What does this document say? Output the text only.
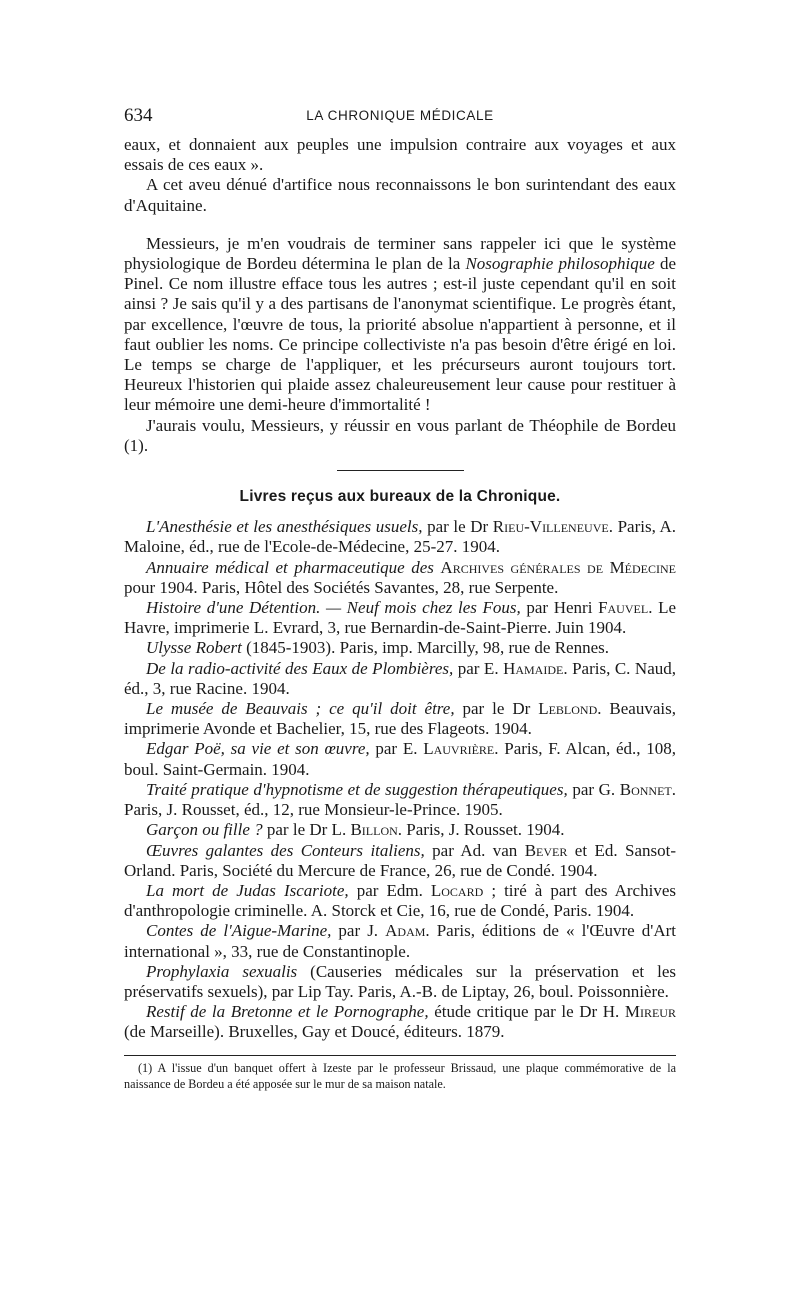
634	LA CHRONIQUE MÉDICALE

eaux, et donnaient aux peuples une impulsion contraire aux voyages et aux essais de ces eaux ».

A cet aveu dénué d'artifice nous reconnaissons le bon surintendant des eaux d'Aquitaine.

Messieurs, je m'en voudrais de terminer sans rappeler ici que le système physiologique de Bordeu détermina le plan de la Nosographie philosophique de Pinel. Ce nom illustre efface tous les autres ; est-il juste cependant qu'il en soit ainsi ? Je sais qu'il y a des partisans de l'anonymat scientifique. Le progrès étant, par excellence, l'œuvre de tous, la priorité absolue n'appartient à personne, et il faut oublier les noms. Ce principe collectiviste n'a pas besoin d'être érigé en loi. Le temps se charge de l'appliquer, et les précurseurs auront toujours tort. Heureux l'historien qui plaide assez chaleureusement leur cause pour restituer à leur mémoire une demi-heure d'immortalité !

J'aurais voulu, Messieurs, y réussir en vous parlant de Théophile de Bordeu (1).

Livres reçus aux bureaux de la Chronique.

L'Anesthésie et les anesthésiques usuels, par le Dr Rieu-Villeneuve. Paris, A. Maloine, éd., rue de l'Ecole-de-Médecine, 25-27. 1904.

Annuaire médical et pharmaceutique des Archives générales de Médecine pour 1904. Paris, Hôtel des Sociétés Savantes, 28, rue Serpente.

Histoire d'une Détention. — Neuf mois chez les Fous, par Henri Fauvel. Le Havre, imprimerie L. Evrard, 3, rue Bernardin-de-Saint-Pierre. Juin 1904.

Ulysse Robert (1845-1903). Paris, imp. Marcilly, 98, rue de Rennes.

De la radio-activité des Eaux de Plombières, par E. Hamaide. Paris, C. Naud, éd., 3, rue Racine. 1904.

Le musée de Beauvais ; ce qu'il doit être, par le Dr Leblond. Beauvais, imprimerie Avonde et Bachelier, 15, rue des Flageots. 1904.

Edgar Poë, sa vie et son œuvre, par E. Lauvrière. Paris, F. Alcan, éd., 108, boul. Saint-Germain. 1904.

Traité pratique d'hypnotisme et de suggestion thérapeutiques, par G. Bonnet. Paris, J. Rousset, éd., 12, rue Monsieur-le-Prince. 1905.

Garçon ou fille ? par le Dr L. Billon. Paris, J. Rousset. 1904.

Œuvres galantes des Conteurs italiens, par Ad. van Bever et Ed. Sansot-Orland. Paris, Société du Mercure de France, 26, rue de Condé. 1904.

La mort de Judas Iscariote, par Edm. Locard ; tiré à part des Archives d'anthropologie criminelle. A. Storck et Cie, 16, rue de Condé, Paris. 1904.

Contes de l'Aigue-Marine, par J. Adam. Paris, éditions de « l'Œuvre d'Art international », 33, rue de Constantinople.

Prophylaxia sexualis (Causeries médicales sur la préservation et les préservatifs sexuels), par Lip Tay. Paris, A.-B. de Liptay, 26, boul. Poissonnière.

Restif de la Bretonne et le Pornographe, étude critique par le Dr H. Mireur (de Marseille). Bruxelles, Gay et Doucé, éditeurs. 1879.

(1) A l'issue d'un banquet offert à Izeste par le professeur Brissaud, une plaque commémorative de la naissance de Bordeu a été apposée sur le mur de sa maison natale.
